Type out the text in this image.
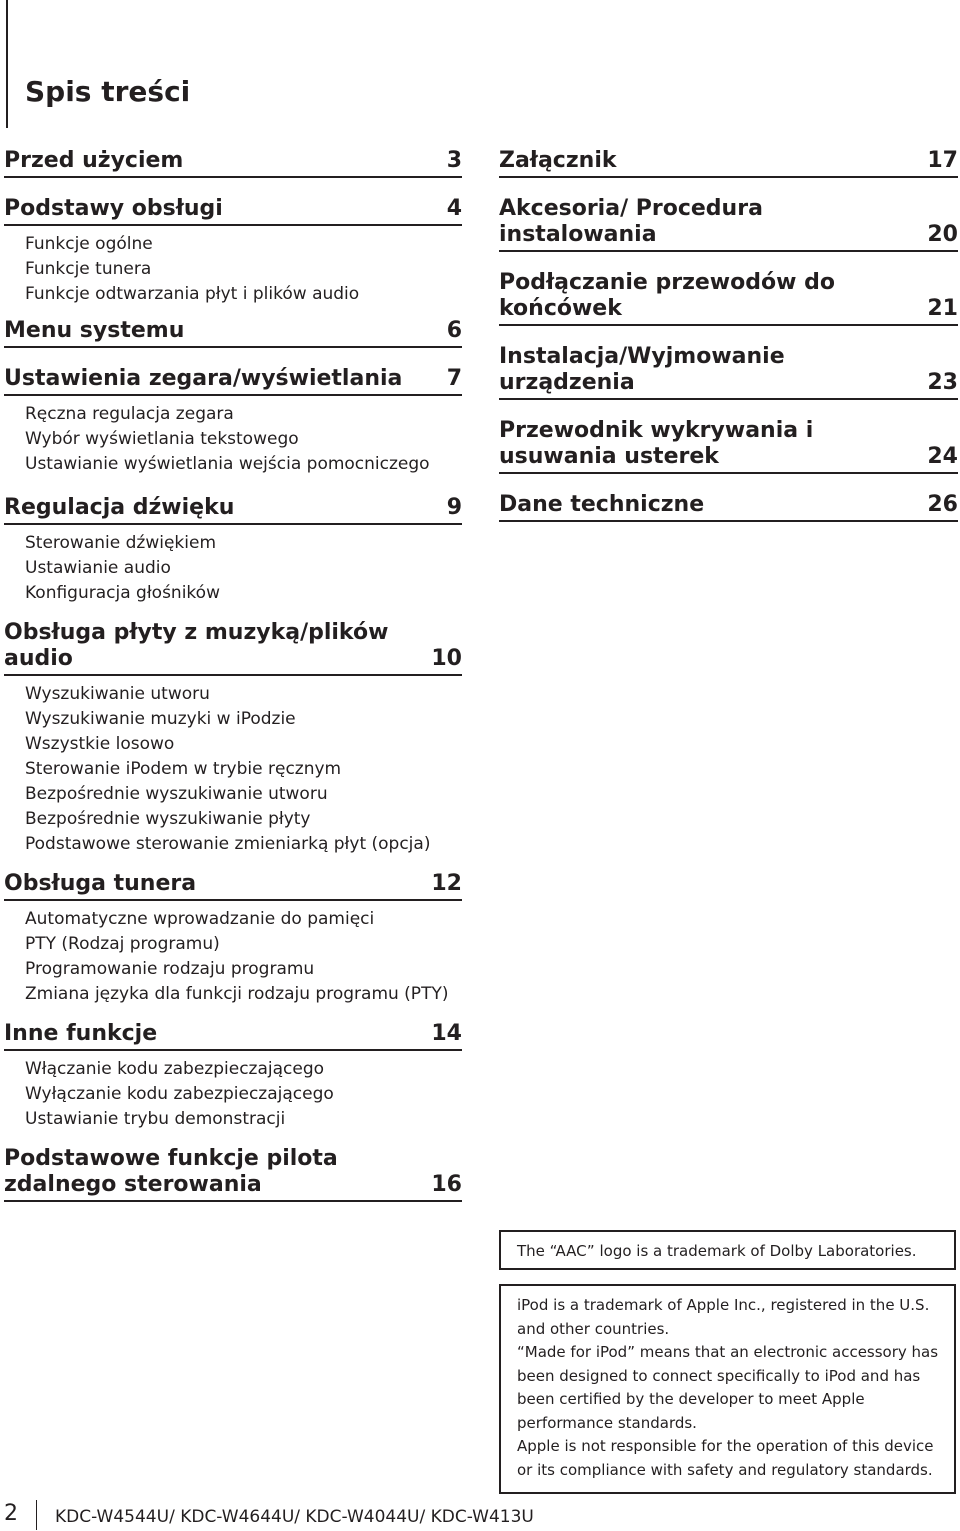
Spis treści
Przed użyciem	3
Podstawy obsługi	4
Funkcje ogólne
Funkcje tunera
Funkcje odtwarzania płyt i plików audio
Menu systemu	6
Ustawienia zegara/wyświetlania	7
Ręczna regulacja zegara
Wybór wyświetlania tekstowego
Ustawianie wyświetlania wejścia pomocniczego
Regulacja dźwięku	9
Sterowanie dźwiękiem
Ustawianie audio
Konfiguracja głośników
Obsługa płyty z muzyką/plików audio	10
Wyszukiwanie utworu
Wyszukiwanie muzyki w iPodzie
Wszystkie losowo
Sterowanie iPodem w trybie ręcznym
Bezpośrednie wyszukiwanie utworu
Bezpośrednie wyszukiwanie płyty
Podstawowe sterowanie zmieniarką płyt (opcja)
Obsługa tunera	12
Automatyczne wprowadzanie do pamięci
PTY (Rodzaj programu)
Programowanie rodzaju programu
Zmiana języka dla funkcji rodzaju programu (PTY)
Inne funkcje	14
Włączanie kodu zabezpieczającego
Wyłączanie kodu zabezpieczającego
Ustawianie trybu demonstracji
Podstawowe funkcje pilota zdalnego sterowania	16
Załącznik	17
Akcesoria/ Procedura instalowania	20
Podłączanie przewodów do końcówek	21
Instalacja/Wyjmowanie urządzenia	23
Przewodnik wykrywania i usuwania usterek	24
Dane techniczne	26

The “AAC” logo is a trademark of Dolby Laboratories.

iPod is a trademark of Apple Inc., registered in the U.S. and other countries.

“Made for iPod” means that an electronic accessory has been designed to connect specifically to iPod and has been certified by the developer to meet Apple performance standards.

Apple is not responsible for the operation of this device or its compliance with safety and regulatory standards.

2 KDC-W4544U/ KDC-W4644U/ KDC-W4044U/ KDC-W413U
